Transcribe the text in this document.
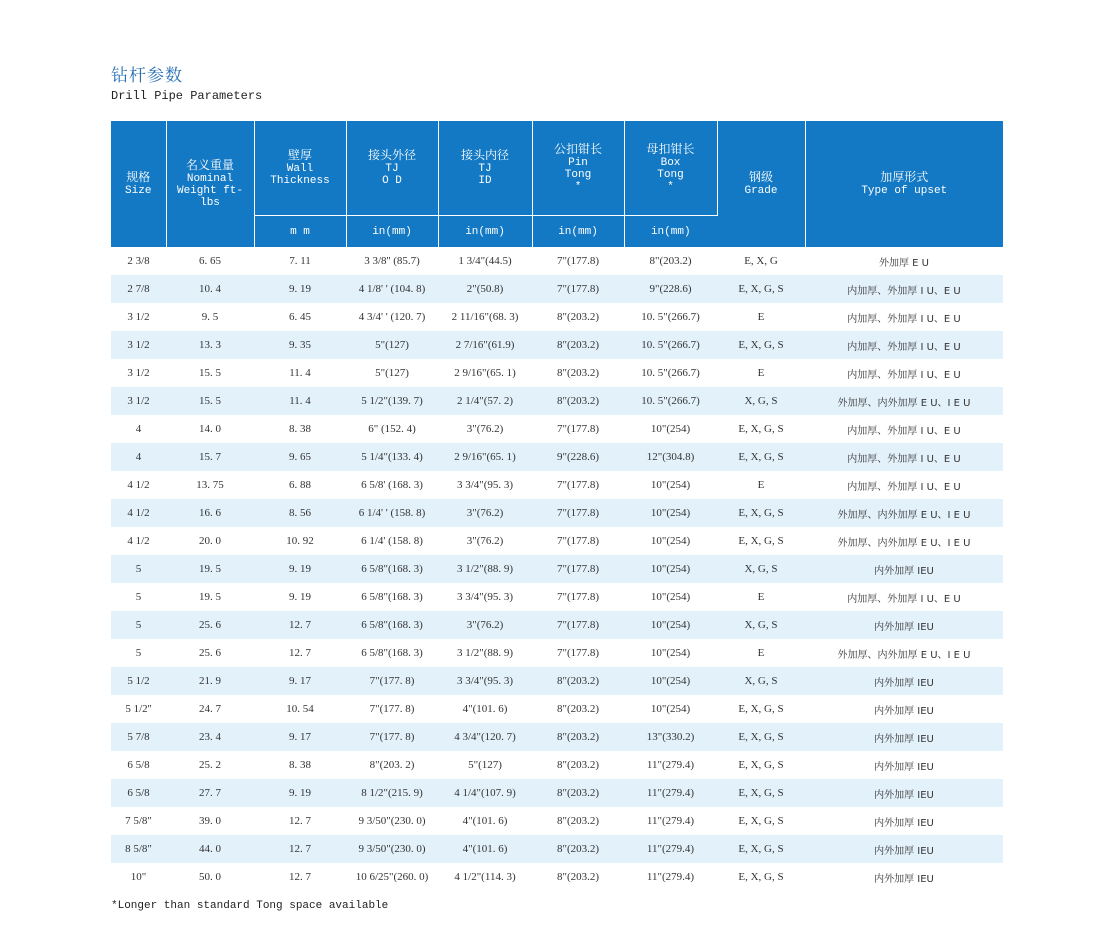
钻杆参数
Drill Pipe Parameters
规格
Size	名义重量
Nominal Weight ft-lbs	壁厚
Wall Thickness	接头外径
TJ
O D	接头内径
TJ
ID	公扣钳长
Pin
Tong
*	母扣钳长
Box
Tong
*	钢级
Grade	加厚形式
Type of upset

		m m	in(mm)	in(mm)	in(mm)	in(mm)		
2 3/8	6. 65	7. 11	3 3/8'' (85.7)	1 3/4"(44.5)	7"(177.8)	8"(203.2)	E, X, G	外加厚 E U
2 7/8	10. 4	9. 19	4 1/8' ' (104. 8)	2"(50.8)	7"(177.8)	9"(228.6)	E, X, G, S	内加厚、外加厚 I U、E U
3 1/2	9. 5	6. 45	4 3/4' ' (120. 7)	2 11/16"(68. 3)	8"(203.2)	10. 5"(266.7)	E	内加厚、外加厚 I U、E U
3 1/2	13. 3	9. 35	5"(127)	2 7/16"(61.9)	8"(203.2)	10. 5"(266.7)	E, X, G, S	内加厚、外加厚 I U、E U
3 1/2	15. 5	11. 4	5"(127)	2 9/16"(65. 1)	8"(203.2)	10. 5"(266.7)	E	内加厚、外加厚 I U、E U
3 1/2	15. 5	11. 4	5 1/2"(139. 7)	2 1/4"(57. 2)	8"(203.2)	10. 5"(266.7)	X, G, S	外加厚、内外加厚 E U、I E U
4	14. 0	8. 38	6" (152. 4)	3"(76.2)	7"(177.8)	10"(254)	E, X, G, S	内加厚、外加厚 I U、E U
4	15. 7	9. 65	5 1/4"(133. 4)	2 9/16"(65. 1)	9"(228.6)	12"(304.8)	E, X, G, S	内加厚、外加厚 I U、E U
4 1/2	13. 75	6. 88	6 5/8' (168. 3)	3 3/4"(95. 3)	7"(177.8)	10"(254)	E	内加厚、外加厚 I U、E U
4 1/2	16. 6	8. 56	6 1/4' ' (158. 8)	3"(76.2)	7"(177.8)	10"(254)	E, X, G, S	外加厚、内外加厚 E U、I E U
4 1/2	20. 0	10. 92	6 1/4' (158. 8)	3"(76.2)	7"(177.8)	10"(254)	E, X, G, S	外加厚、内外加厚 E U、I E U
5	19. 5	9. 19	6 5/8"(168. 3)	3 1/2"(88. 9)	7"(177.8)	10"(254)	X, G, S	内外加厚 IEU
5	19. 5	9. 19	6 5/8"(168. 3)	3 3/4"(95. 3)	7"(177.8)	10"(254)	E	内加厚、外加厚 I U、E U
5	25. 6	12. 7	6 5/8"(168. 3)	3"(76.2)	7"(177.8)	10"(254)	X, G, S	内外加厚 IEU
5	25. 6	12. 7	6 5/8"(168. 3)	3 1/2"(88. 9)	7"(177.8)	10"(254)	E	外加厚、内外加厚 E U、I E U
5 1/2	21. 9	9. 17	7"(177. 8)	3 3/4"(95. 3)	8"(203.2)	10"(254)	X, G, S	内外加厚 IEU
5 1/2''	24. 7	10. 54	7"(177. 8)	4"(101. 6)	8"(203.2)	10"(254)	E, X, G, S	内外加厚 IEU
5 7/8	23. 4	9. 17	7"(177. 8)	4 3/4"(120. 7)	8"(203.2)	13"(330.2)	E, X, G, S	内外加厚 IEU
6 5/8	25. 2	8. 38	8"(203. 2)	5"(127)	8"(203.2)	11"(279.4)	E, X, G, S	内外加厚 IEU
6 5/8	27. 7	9. 19	8 1/2"(215. 9)	4 1/4"(107. 9)	8"(203.2)	11"(279.4)	E, X, G, S	内外加厚 IEU
7 5/8"	39. 0	12. 7	9 3/50"(230. 0)	4"(101. 6)	8"(203.2)	11"(279.4)	E, X, G, S	内外加厚 IEU
8 5/8"	44. 0	12. 7	9 3/50"(230. 0)	4"(101. 6)	8"(203.2)	11"(279.4)	E, X, G, S	内外加厚 IEU
10"	50. 0	12. 7	10 6/25"(260. 0)	4 1/2"(114. 3)	8"(203.2)	11"(279.4)	E, X, G, S	内外加厚 IEU
*Longer than standard Tong space available
